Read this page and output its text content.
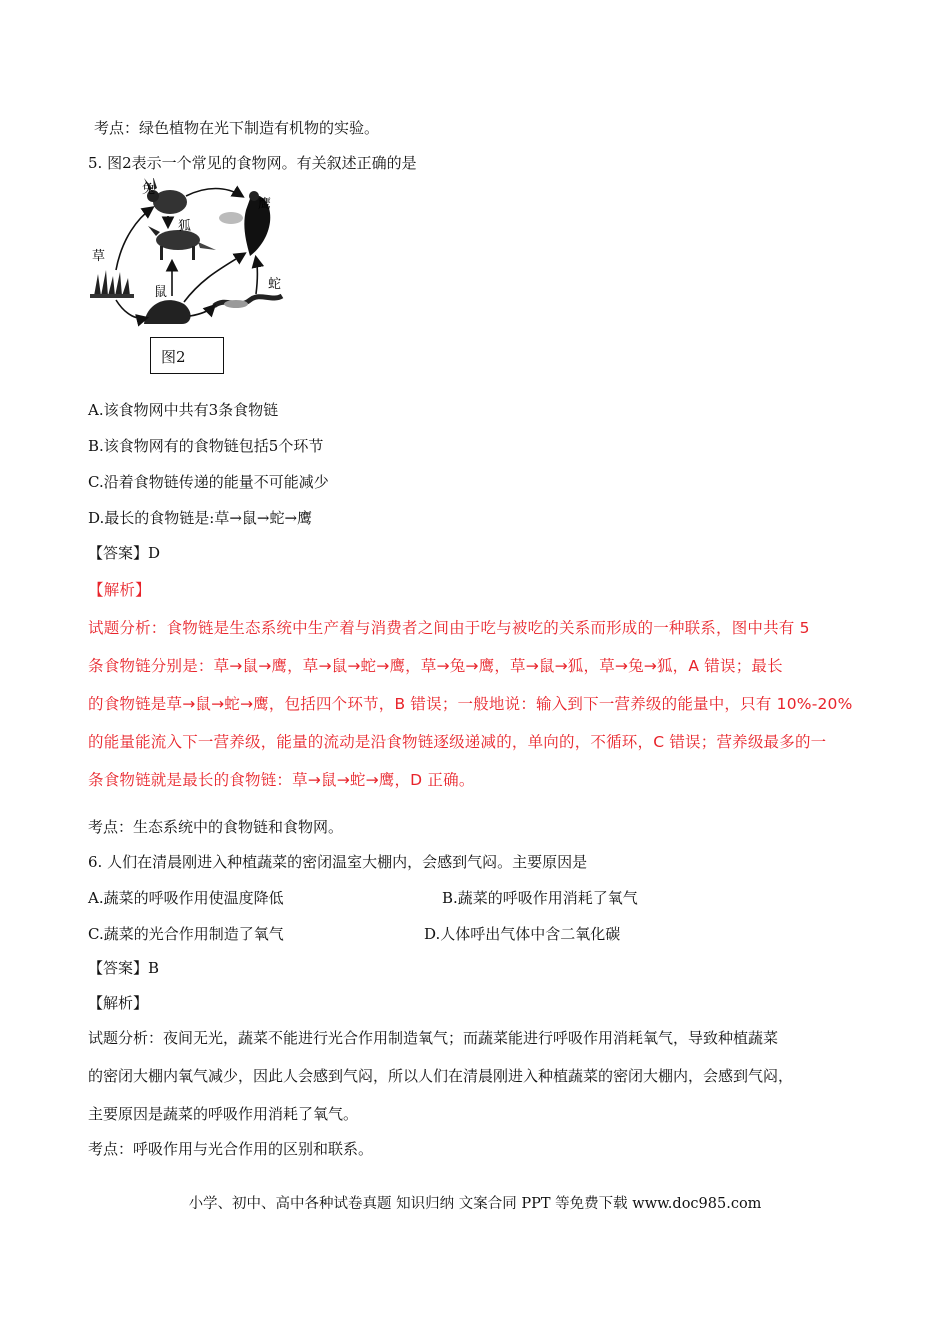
考点：绿色植物在光下制造有机物的实验。
5. 图2表示一个常见的食物网。有关叙述正确的是
兔
鹰
狐
草
鼠
蛇
图2
A.该食物网中共有3条食物链
B.该食物网有的食物链包括5个环节
C.沿着食物链传递的能量不可能减少
D.最长的食物链是:草→鼠→蛇→鹰
【答案】D
【解析】
试题分析：食物链是生态系统中生产着与消费者之间由于吃与被吃的关系而形成的一种联系，图中共有 5
条食物链分别是：草→鼠→鹰，草→鼠→蛇→鹰，草→兔→鹰，草→鼠→狐，草→兔→狐，A 错误；最长
的食物链是草→鼠→蛇→鹰，包括四个环节，B 错误；一般地说：输入到下一营养级的能量中，只有 10%-20%
的能量能流入下一营养级，能量的流动是沿食物链逐级递减的，单向的，不循环，C 错误；营养级最多的一
条食物链就是最长的食物链：草→鼠→蛇→鹰，D 正确。
考点：生态系统中的食物链和食物网。
6. 人们在清晨刚进入种植蔬菜的密闭温室大棚内，会感到气闷。主要原因是
A.蔬菜的呼吸作用使温度降低	B.蔬菜的呼吸作用消耗了氧气
C.蔬菜的光合作用制造了氧气	D.人体呼出气体中含二氧化碳
【答案】B
【解析】
试题分析：夜间无光，蔬菜不能进行光合作用制造氧气；而蔬菜能进行呼吸作用消耗氧气，导致种植蔬菜
的密闭大棚内氧气减少，因此人会感到气闷，所以人们在清晨刚进入种植蔬菜的密闭大棚内，会感到气闷，
主要原因是蔬菜的呼吸作用消耗了氧气。
考点：呼吸作用与光合作用的区别和联系。
小学、初中、高中各种试卷真题 知识归纳 文案合同 PPT 等免费下载 www.doc985.com
